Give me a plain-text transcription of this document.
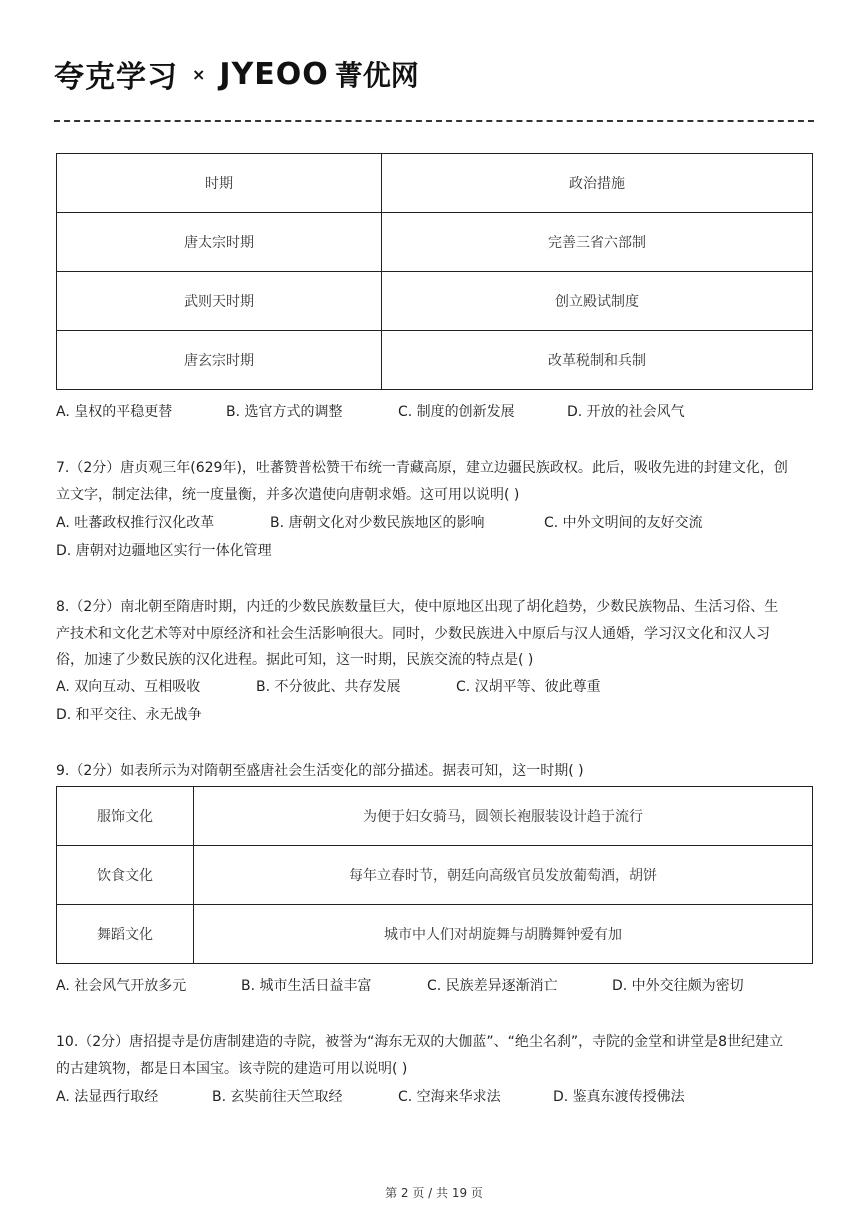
夸克学习 × JYEOO 菁优网
时期	政治措施
唐太宗时期	完善三省六部制
武则天时期	创立殿试制度
唐玄宗时期	改革税制和兵制
A. 皇权的平稳更替	B. 选官方式的调整	C. 制度的创新发展	D. 开放的社会风气
7.（2分）唐贞观三年(629年)，吐蕃赞普松赞干布统一青藏高原，建立边疆民族政权。此后，吸收先进的封建文化，创
立文字，制定法律，统一度量衡，并多次遣使向唐朝求婚。这可用以说明( )
A. 吐蕃政权推行汉化改革	B. 唐朝文化对少数民族地区的影响	C. 中外文明间的友好交流
D. 唐朝对边疆地区实行一体化管理
8.（2分）南北朝至隋唐时期，内迁的少数民族数量巨大，使中原地区出现了胡化趋势，少数民族物品、生活习俗、生
产技术和文化艺术等对中原经济和社会生活影响很大。同时，少数民族进入中原后与汉人通婚，学习汉文化和汉人习
俗，加速了少数民族的汉化进程。据此可知，这一时期，民族交流的特点是( )
A. 双向互动、互相吸收	B. 不分彼此、共存发展	C. 汉胡平等、彼此尊重
D. 和平交往、永无战争
9.（2分）如表所示为对隋朝至盛唐社会生活变化的部分描述。据表可知，这一时期( )
服饰文化	为便于妇女骑马，圆领长袍服装设计趋于流行
饮食文化	每年立春时节，朝廷向高级官员发放葡萄酒，胡饼
舞蹈文化	城市中人们对胡旋舞与胡腾舞钟爱有加
A. 社会风气开放多元	B. 城市生活日益丰富	C. 民族差异逐渐消亡	D. 中外交往颇为密切
10.（2分）唐招提寺是仿唐制建造的寺院，被誉为“海东无双的大伽蓝”、“绝尘名刹”，寺院的金堂和讲堂是8世纪建立
的古建筑物，都是日本国宝。该寺院的建造可用以说明( )
A. 法显西行取经	B. 玄奘前往天竺取经	C. 空海来华求法	D. 鉴真东渡传授佛法
第 2 页 / 共 19 页
